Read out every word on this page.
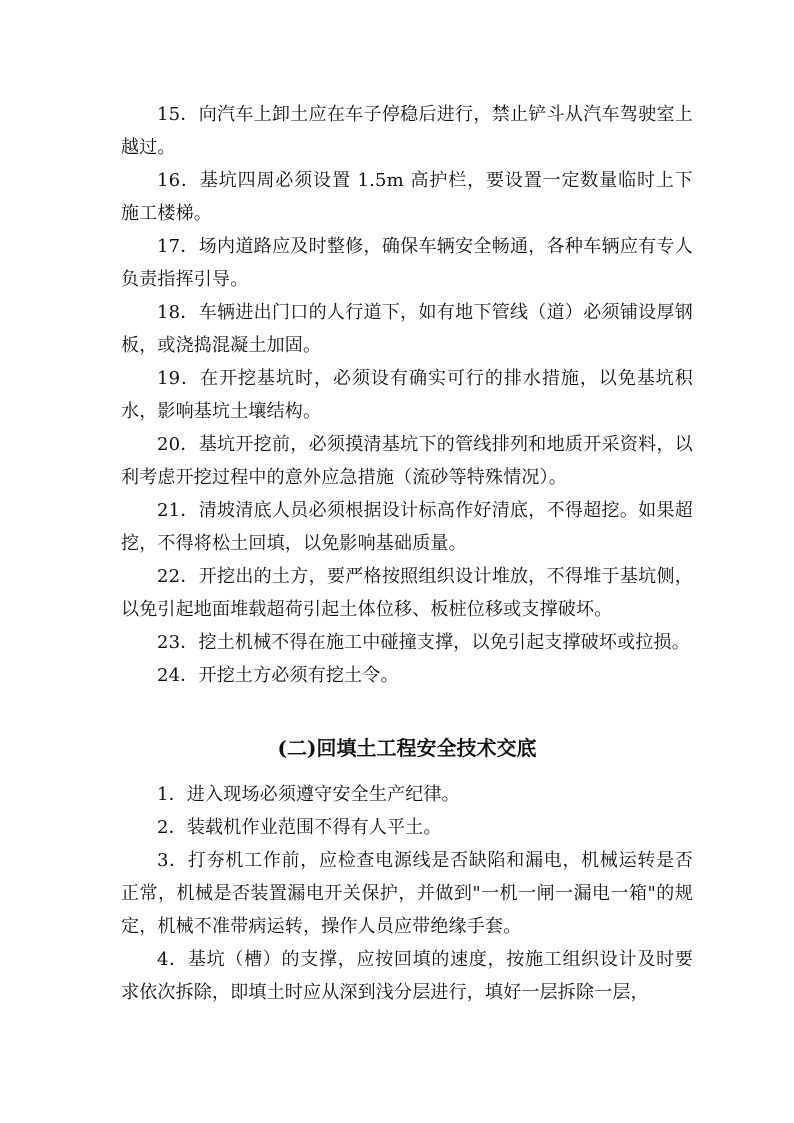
15．向汽车上卸土应在车子停稳后进行，禁止铲斗从汽车驾驶室上越过。

16．基坑四周必须设置 1.5m 高护栏，要设置一定数量临时上下施工楼梯。

17．场内道路应及时整修，确保车辆安全畅通，各种车辆应有专人负责指挥引导。

18．车辆进出门口的人行道下，如有地下管线（道）必须铺设厚钢板，或浇捣混凝土加固。

19．在开挖基坑时，必须设有确实可行的排水措施，以免基坑积水，影响基坑土壤结构。

20．基坑开挖前，必须摸清基坑下的管线排列和地质开采资料，以利考虑开挖过程中的意外应急措施（流砂等特殊情况）。

21．清坡清底人员必须根据设计标高作好清底，不得超挖。如果超挖，不得将松土回填，以免影响基础质量。

22．开挖出的土方，要严格按照组织设计堆放，不得堆于基坑侧，以免引起地面堆载超荷引起土体位移、板桩位移或支撑破坏。

23．挖土机械不得在施工中碰撞支撑，以免引起支撑破坏或拉损。

24．开挖土方必须有挖土令。

(二)回填土工程安全技术交底

1．进入现场必须遵守安全生产纪律。

2．装载机作业范围不得有人平土。

3．打夯机工作前，应检查电源线是否缺陷和漏电，机械运转是否正常，机械是否装置漏电开关保护，并做到"一机一闸一漏电一箱"的规定，机械不准带病运转，操作人员应带绝缘手套。

4．基坑（槽）的支撑，应按回填的速度，按施工组织设计及时要求依次拆除，即填土时应从深到浅分层进行，填好一层拆除一层，
